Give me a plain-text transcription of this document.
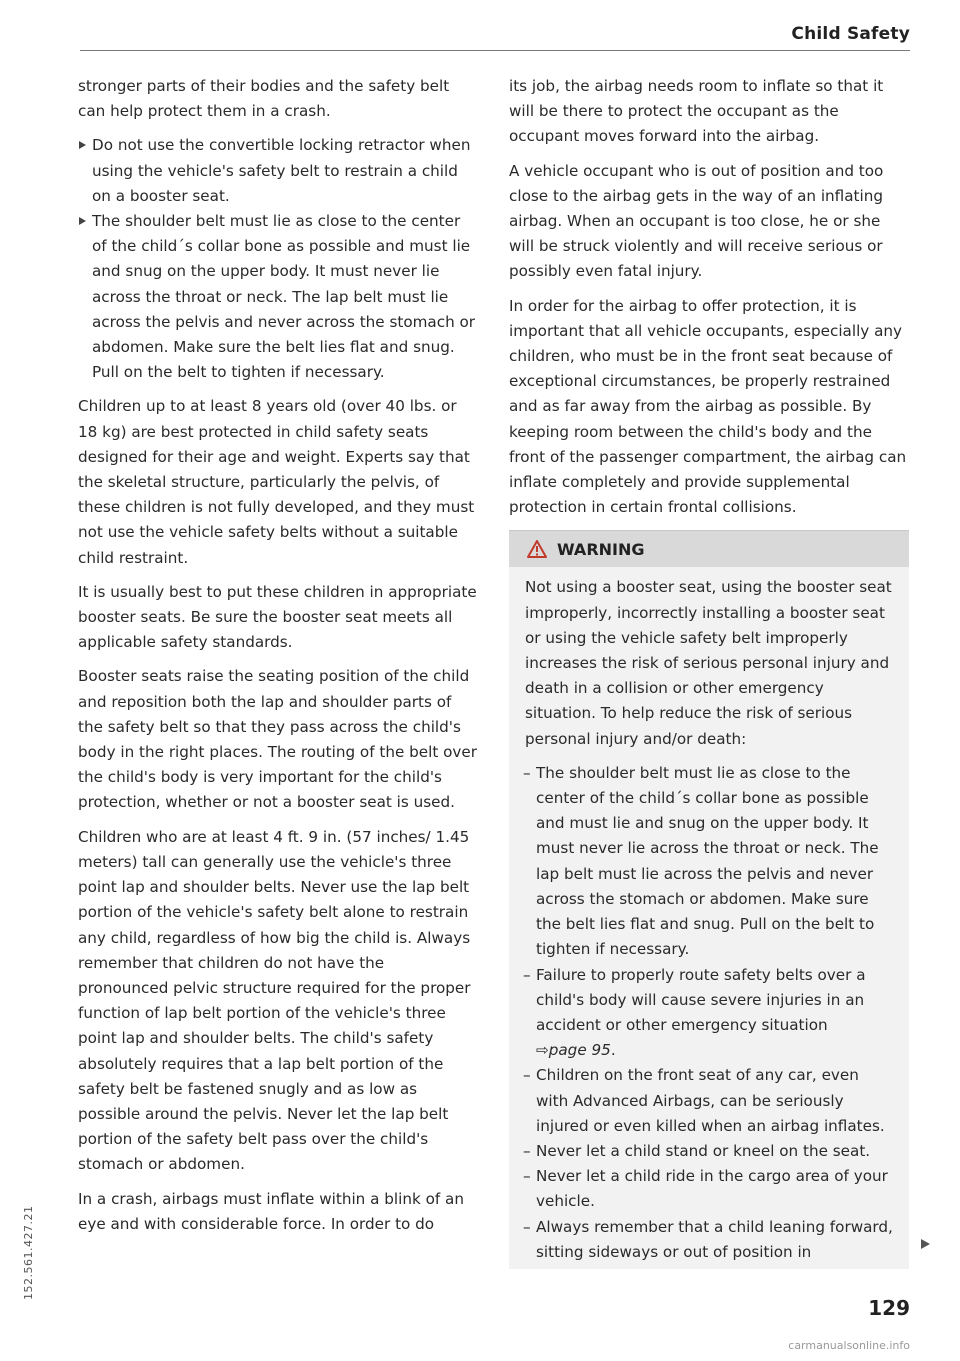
Child Safety

stronger parts of their bodies and the safety belt can help protect them in a crash.

Do not use the convertible locking retractor when using the vehicle's safety belt to restrain a child on a booster seat.
The shoulder belt must lie as close to the center of the child´s collar bone as possible and must lie and snug on the upper body. It must never lie across the throat or neck. The lap belt must lie across the pelvis and never across the stomach or abdomen. Make sure the belt lies flat and snug. Pull on the belt to tighten if necessary.

Children up to at least 8 years old (over 40 lbs. or 18 kg) are best protected in child safety seats designed for their age and weight. Experts say that the skeletal structure, particularly the pelvis, of these children is not fully developed, and they must not use the vehicle safety belts without a suitable child restraint.

It is usually best to put these children in appropriate booster seats. Be sure the booster seat meets all applicable safety standards.

Booster seats raise the seating position of the child and reposition both the lap and shoulder parts of the safety belt so that they pass across the child's body in the right places. The routing of the belt over the child's body is very important for the child's protection, whether or not a booster seat is used.

Children who are at least 4 ft. 9 in. (57 inches/ 1.45 meters) tall can generally use the vehicle's three point lap and shoulder belts. Never use the lap belt portion of the vehicle's safety belt alone to restrain any child, regardless of how big the child is. Always remember that children do not have the pronounced pelvic structure required for the proper function of lap belt portion of the vehicle's three point lap and shoulder belts. The child's safety absolutely requires that a lap belt portion of the safety belt be fastened snugly and as low as possible around the pelvis. Never let the lap belt portion of the safety belt pass over the child's stomach or abdomen.

In a crash, airbags must inflate within a blink of an eye and with considerable force. In order to do

its job, the airbag needs room to inflate so that it will be there to protect the occupant as the occupant moves forward into the airbag.

A vehicle occupant who is out of position and too close to the airbag gets in the way of an inflating airbag. When an occupant is too close, he or she will be struck violently and will receive serious or possibly even fatal injury.

In order for the airbag to offer protection, it is important that all vehicle occupants, especially any children, who must be in the front seat because of exceptional circumstances, be properly restrained and as far away from the airbag as possible. By keeping room between the child's body and the front of the passenger compartment, the airbag can inflate completely and provide supplemental protection in certain frontal collisions.

WARNING

Not using a booster seat, using the booster seat improperly, incorrectly installing a booster seat or using the vehicle safety belt improperly increases the risk of serious personal injury and death in a collision or other emergency situation. To help reduce the risk of serious personal injury and/or death:

– The shoulder belt must lie as close to the center of the child´s collar bone as possible and must lie and snug on the upper body. It must never lie across the throat or neck. The lap belt must lie across the pelvis and never across the stomach or abdomen. Make sure the belt lies flat and snug. Pull on the belt to tighten if necessary.
– Failure to properly route safety belts over a child's body will cause severe injuries in an accident or other emergency situation
⇨page 95.
– Children on the front seat of any car, even with Advanced Airbags, can be seriously injured or even killed when an airbag inflates.
– Never let a child stand or kneel on the seat.
– Never let a child ride in the cargo area of your vehicle.
– Always remember that a child leaning forward, sitting sideways or out of position in
129
152.561.427.21
carmanualsonline.info
